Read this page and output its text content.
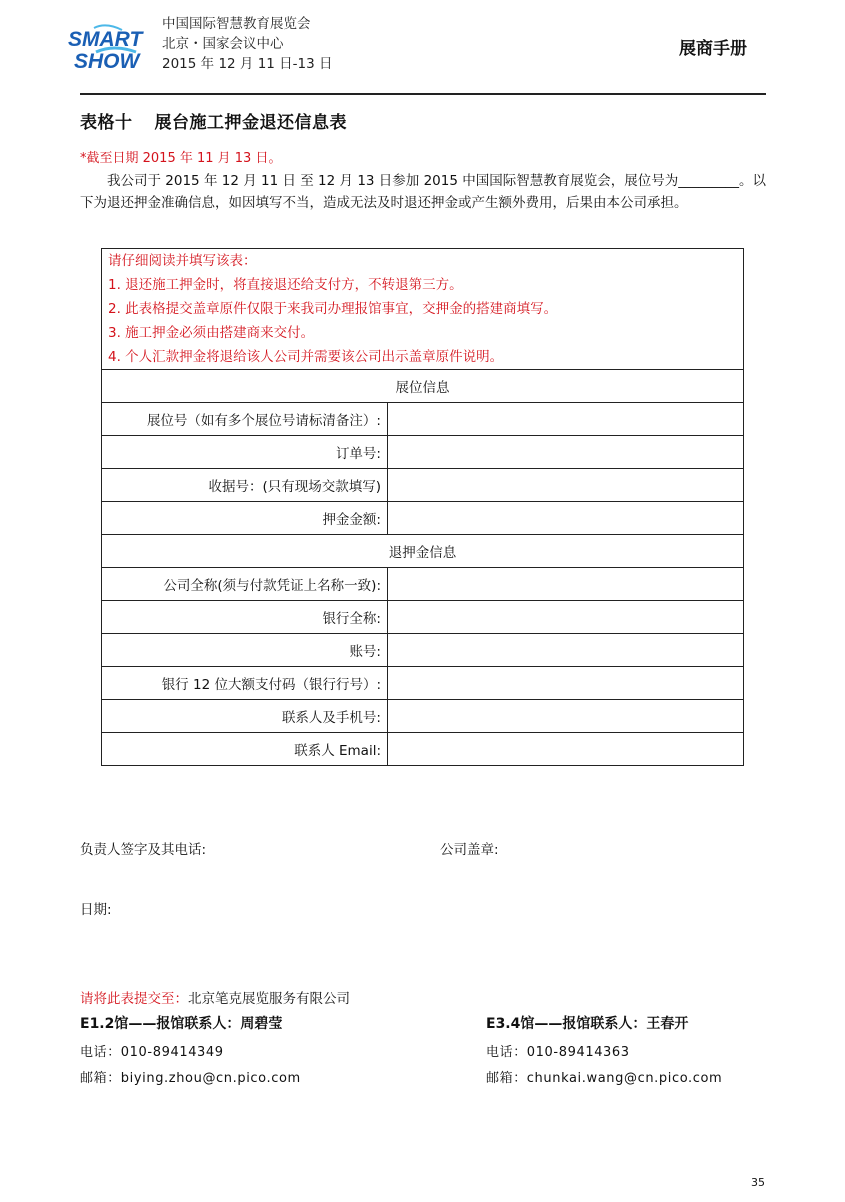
SMART
SHOW
中国国际智慧教育展览会
北京・国家会议中心
2015 年 12 月 11 日-13 日
展商手册
表格十 展台施工押金退还信息表
*截至日期 2015 年 11 月 13 日。
我公司于 2015 年 12 月 11 日 至 12 月 13 日参加 2015 中国国际智慧教育展览会，展位号为_________。以下为退还押金准确信息，如因填写不当，造成无法及时退还押金或产生额外费用，后果由本公司承担。
请仔细阅读并填写该表：
1. 退还施工押金时，将直接退还给支付方，不转退第三方。
2. 此表格提交盖章原件仅限于来我司办理报馆事宜，交押金的搭建商填写。
3. 施工押金必须由搭建商来交付。
4. 个人汇款押金将退给该人公司并需要该公司出示盖章原件说明。	

展位信息	
展位号（如有多个展位号请标清备注）:	

订单号:	

收据号：(只有现场交款填写)	

押金金额:	

退押金信息	
公司全称(须与付款凭证上名称一致):	

银行全称:	

账号:	

银行 12 位大额支付码（银行行号）:	

联系人及手机号:	

联系人 Email:	
负责人签字及其电话:	公司盖章:
日期:
请将此表提交至：北京笔克展览服务有限公司
E1.2馆——报馆联系人：周碧莹
电话：010-89414349
邮箱：biying.zhou@cn.pico.com
E3.4馆——报馆联系人：王春开
电话：010-89414363
邮箱：chunkai.wang@cn.pico.com
35
